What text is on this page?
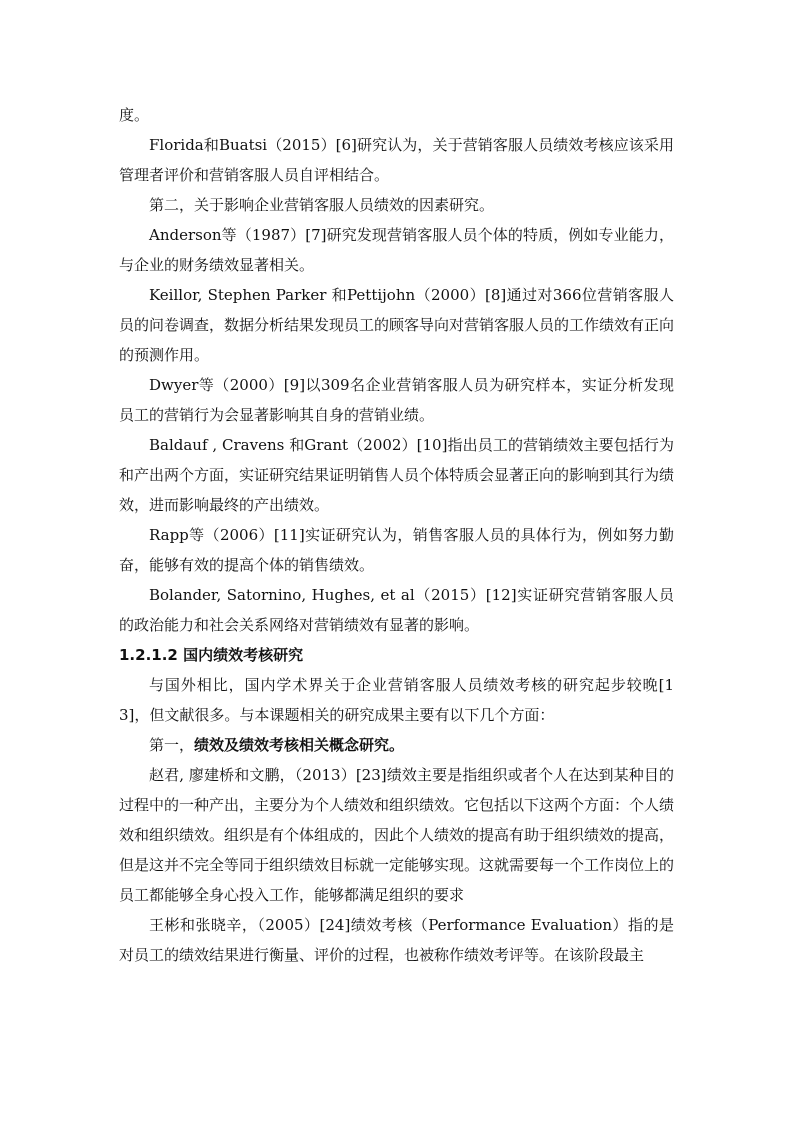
度。

Florida和Buatsi（2015）[6]研究认为，关于营销客服人员绩效考核应该采用管理者评价和营销客服人员自评相结合。

第二，关于影响企业营销客服人员绩效的因素研究。

Anderson等（1987）[7]研究发现营销客服人员个体的特质，例如专业能力，与企业的财务绩效显著相关。

Keillor, Stephen Parker 和Pettijohn（2000）[8]通过对366位营销客服人员的问卷调查，数据分析结果发现员工的顾客导向对营销客服人员的工作绩效有正向的预测作用。

Dwyer等（2000）[9]以309名企业营销客服人员为研究样本，实证分析发现员工的营销行为会显著影响其自身的营销业绩。

Baldauf , Cravens 和Grant（2002）[10]指出员工的营销绩效主要包括行为和产出两个方面，实证研究结果证明销售人员个体特质会显著正向的影响到其行为绩效，进而影响最终的产出绩效。

Rapp等（2006）[11]实证研究认为，销售客服人员的具体行为，例如努力勤奋，能够有效的提高个体的销售绩效。

Bolander, Satornino, Hughes, et al（2015）[12]实证研究营销客服人员的政治能力和社会关系网络对营销绩效有显著的影响。

1.2.1.2 国内绩效考核研究

与国外相比，国内学术界关于企业营销客服人员绩效考核的研究起步较晚[13]，但文献很多。与本课题相关的研究成果主要有以下几个方面：

第一，绩效及绩效考核相关概念研究。

赵君, 廖建桥和文鹏，（2013）[23]绩效主要是指组织或者个人在达到某种目的过程中的一种产出，主要分为个人绩效和组织绩效。它包括以下这两个方面：个人绩效和组织绩效。组织是有个体组成的，因此个人绩效的提高有助于组织绩效的提高，但是这并不完全等同于组织绩效目标就一定能够实现。这就需要每一个工作岗位上的员工都能够全身心投入工作，能够都满足组织的要求

王彬和张晓辛，（2005）[24]绩效考核（Performance Evaluation）指的是对员工的绩效结果进行衡量、评价的过程，也被称作绩效考评等。在该阶段最主
